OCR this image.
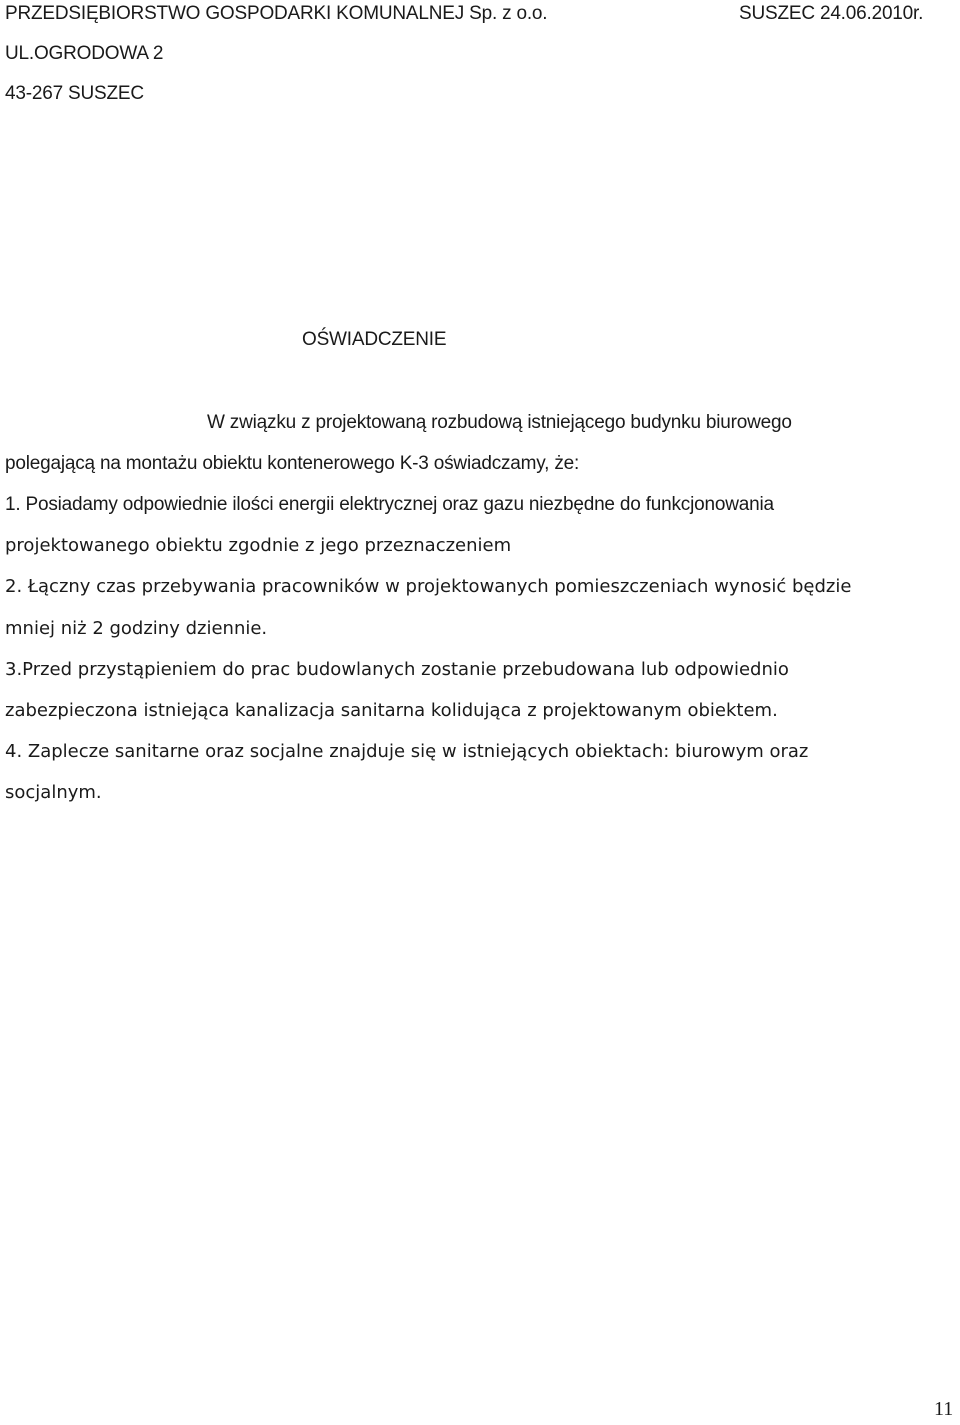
PRZEDSIĘBIORSTWO GOSPODARKI KOMUNALNEJ Sp. z o.o.	SUSZEC 24.06.2010r.
UL.OGRODOWA 2
43-267 SUSZEC
OŚWIADCZENIE
W związku z projektowaną rozbudową istniejącego budynku biurowego
polegającą na montażu obiektu kontenerowego K-3 oświadczamy, że:
1. Posiadamy odpowiednie ilości energii elektrycznej oraz gazu niezbędne do funkcjonowania
projektowanego obiektu zgodnie z jego przeznaczeniem
2. Łączny czas przebywania pracowników w projektowanych pomieszczeniach wynosić będzie
mniej niż 2 godziny dziennie.
3.Przed przystąpieniem do prac budowlanych zostanie przebudowana lub odpowiednio
zabezpieczona istniejąca kanalizacja sanitarna kolidująca z projektowanym obiektem.
4. Zaplecze sanitarne oraz socjalne znajduje się w istniejących obiektach: biurowym oraz
socjalnym.
11
